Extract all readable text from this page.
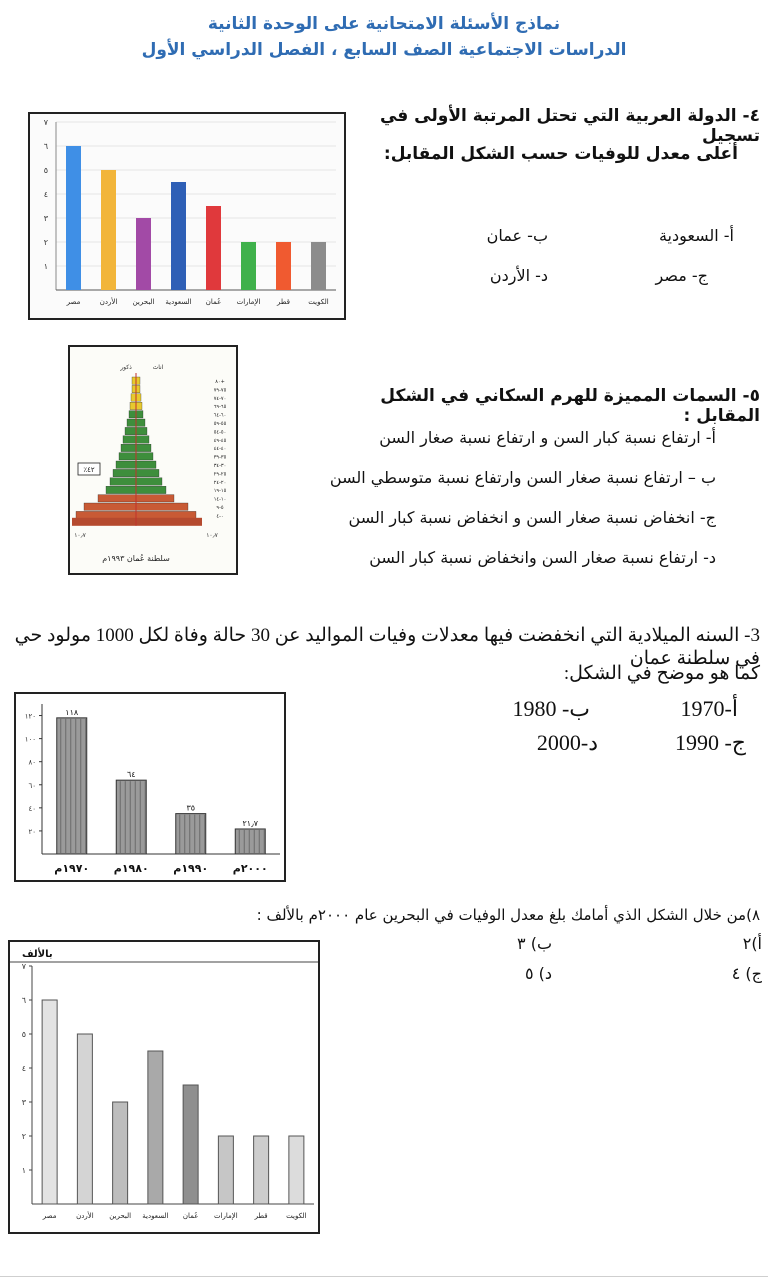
نماذج الأسئلة الامتحانية على الوحدة الثانية
الدراسات الاجتماعية الصف السابع ، الفصل الدراسي الأول
٤- الدولة العربية التي تحتل المرتبة الأولى في تسجيل
أعلى معدل للوفيات حسب الشكل المقابل:
أ- السعودية
ب- عمان
ج- مصر
د- الأردن
١
٢
٣
٤
٥
٦
٧
مصر	الأردن البحرين السعودية عُمان الإمارات قطر	الكويت
٥- السمات المميزة للهرم السكاني في الشكل المقابل :
أ- ارتفاع نسبة كبار السن و ارتفاع نسبة صغار السن
ب – ارتفاع نسبة صغار السن وارتفاع نسبة متوسطي السن
ج- انخفاض نسبة صغار السن و انخفاض نسبة كبار السن
د- ارتفاع نسبة صغار السن وانخفاض نسبة كبار السن
٨٠+
٧٥-٧٩
٧٠-٧٤
٦٥-٦٩
٦٠-٦٤
٥٥-٥٩
٥٠-٥٤
٤٥-٤٩
٤٠-٤٤
٣٥-٣٩
٣٠-٣٤
٢٥-٢٩
٢٠-٢٤
١٥-١٩
١٠-١٤
٥-٩
٠-٤
اناث
ذكور
٪٤٢
١٠٫٧	١٠٫٧
سلطنة عُمان ١٩٩٣م
3- السنه الميلادية التي انخفضت فيها معدلات وفيات المواليد عن 30 حالة وفاة لكل 1000 مولود حي في سلطنة عمان
كما هو موضح في الشكل:
أ-1970
ب- 1980
ج- 1990
د-2000
٢٠
٤٠
٦٠
٨٠
١٠٠
١٢٠	١١٨
١٩٧٠م
٦٤
١٩٨٠م
٣٥
١٩٩٠م
٢١٫٧
٢٠٠٠م
٨)من خلال الشكل الذي أمامك بلغ معدل الوفيات في البحرين عام ٢٠٠٠م بالألف :
أ)٢
ب) ٣
ج) ٤
د) ٥
بالألف
١
٢
٣
٤
٥
٦
٧
مصر	الأردن البحرين السعودية عُمان الإمارات قطر	الكويت
